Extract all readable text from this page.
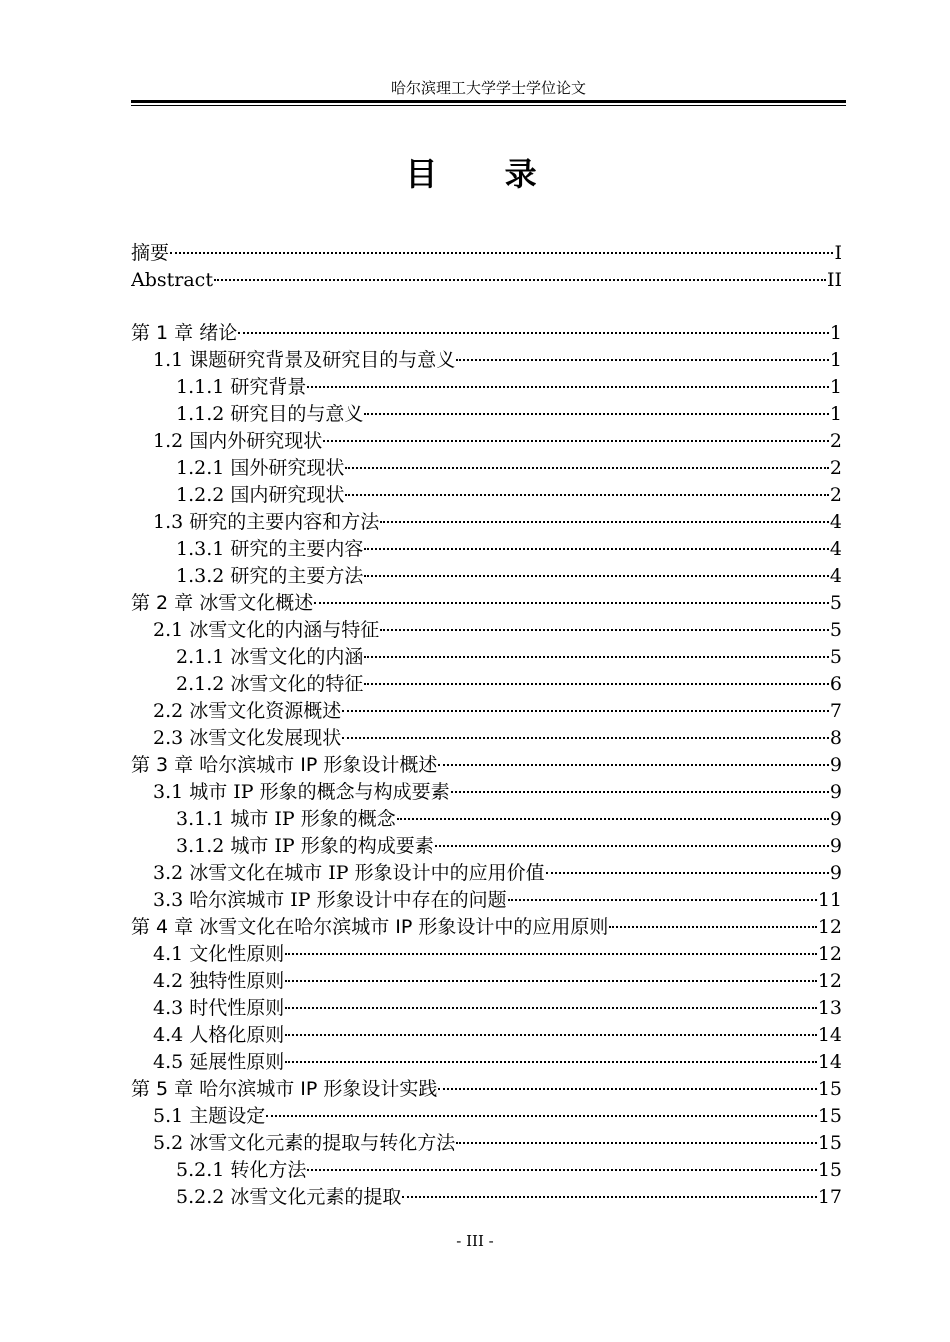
哈尔滨理工大学学士学位论文
目 录
摘要	I
Abstract	II
第 1 章 绪论	1
1.1 课题研究背景及研究目的与意义	1
1.1.1 研究背景	1
1.1.2 研究目的与意义	1
1.2 国内外研究现状	2
1.2.1 国外研究现状	2
1.2.2 国内研究现状	2
1.3 研究的主要内容和方法	4
1.3.1 研究的主要内容	4
1.3.2 研究的主要方法	4
第 2 章 冰雪文化概述	5
2.1 冰雪文化的内涵与特征	5
2.1.1 冰雪文化的内涵	5
2.1.2 冰雪文化的特征	6
2.2 冰雪文化资源概述	7
2.3 冰雪文化发展现状	8
第 3 章 哈尔滨城市 IP 形象设计概述	9
3.1 城市 IP 形象的概念与构成要素	9
3.1.1 城市 IP 形象的概念	9
3.1.2 城市 IP 形象的构成要素	9
3.2 冰雪文化在城市 IP 形象设计中的应用价值	9
3.3 哈尔滨城市 IP 形象设计中存在的问题	11
第 4 章 冰雪文化在哈尔滨城市 IP 形象设计中的应用原则	12
4.1 文化性原则	12
4.2 独特性原则	12
4.3 时代性原则	13
4.4 人格化原则	14
4.5 延展性原则	14
第 5 章 哈尔滨城市 IP 形象设计实践	15
5.1 主题设定	15
5.2 冰雪文化元素的提取与转化方法	15
5.2.1 转化方法	15
5.2.2 冰雪文化元素的提取	17
- III -
